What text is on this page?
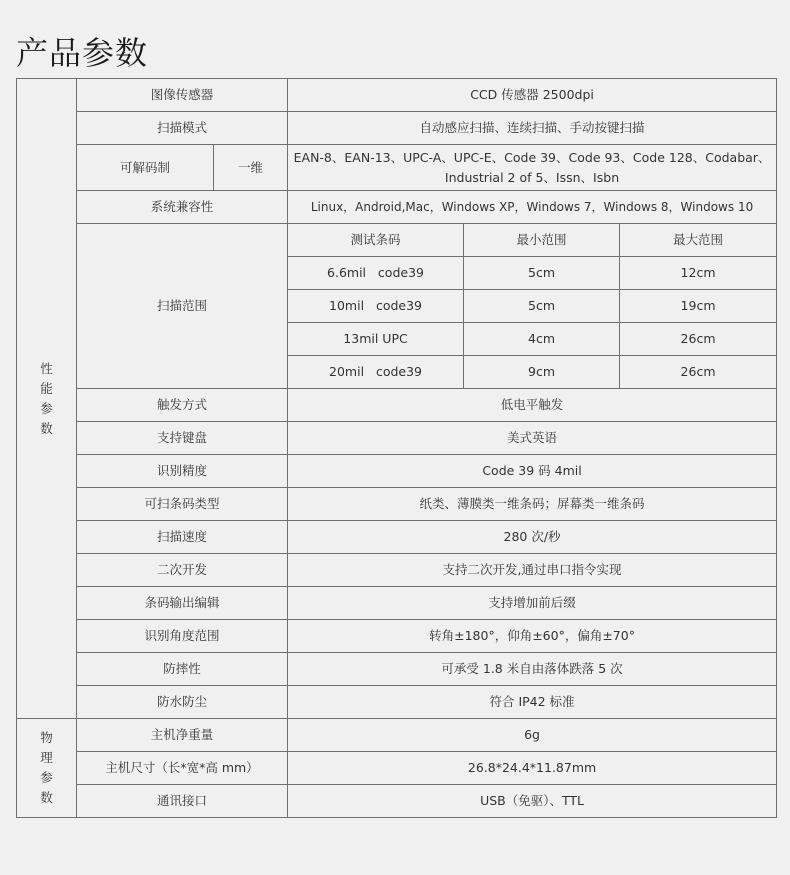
产品参数
性
能
参
数	图像传感器		CCD 传感器 2500dpi		
	扫描模式		自动感应扫描、连续扫描、手动按键扫描		
	可解码制	一维	EAN-8、EAN-13、UPC-A、UPC-E、Code 39、Code 93、Code 128、Codabar、Industrial 2 of 5、Issn、Isbn		
	系统兼容性		Linux，Android,Mac，Windows XP，Windows 7，Windows 8，Windows 10		
	扫描范围		测试条码	最小范围	最大范围
			6.6mil   code39	5cm	12cm
			10mil   code39	5cm	19cm
			13mil UPC	4cm	26cm
			20mil   code39	9cm	26cm
	触发方式		低电平触发		
	支持键盘		美式英语		
	识别精度		Code 39 码 4mil		
	可扫条码类型		纸类、薄膜类一维条码；屏幕类一维条码		
	扫描速度		280 次/秒		
	二次开发		支持二次开发,通过串口指令实现		
	条码输出编辑		支持增加前后缀		
	识别角度范围		转角±180°，仰角±60°，偏角±70°		
	防摔性		可承受 1.8 米自由落体跌落 5 次		
	防水防尘		符合 IP42 标准		

物
理
参
数	主机净重量		6g		
	主机尺寸（长*宽*高 mm）		26.8*24.4*11.87mm		
	通讯接口		USB（免驱）、TTL		
